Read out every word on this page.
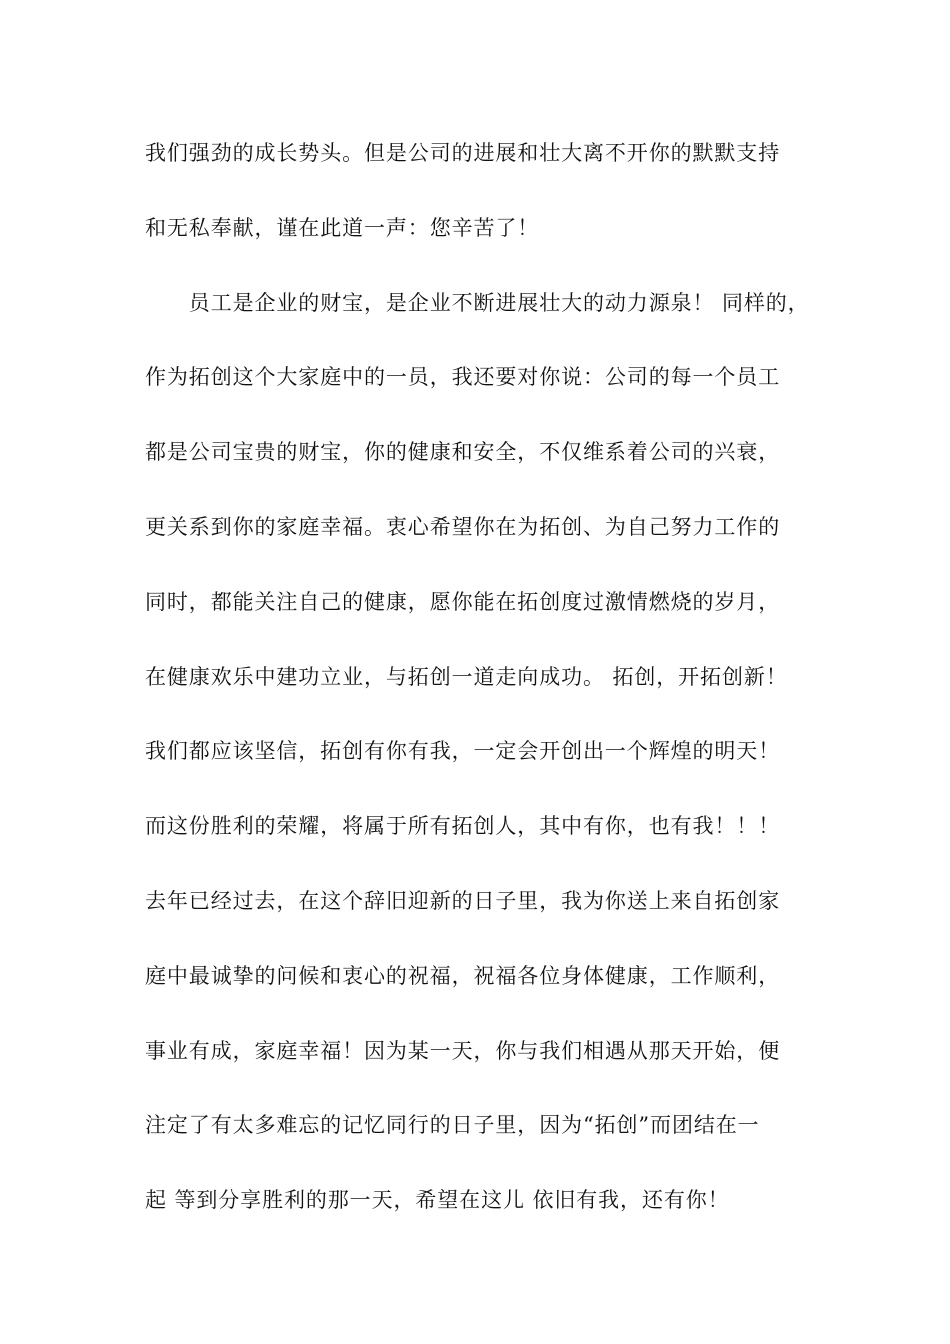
我们强劲的成长势头。但是公司的进展和壮大离不开你的默默支持
和无私奉献，谨在此道一声：您辛苦了！
　　员工是企业的财宝，是企业不断进展壮大的动力源泉！ 同样的，
作为拓创这个大家庭中的一员，我还要对你说：公司的每一个员工
都是公司宝贵的财宝，你的健康和安全，不仅维系着公司的兴衰，
更关系到你的家庭幸福。衷心希望你在为拓创、为自己努力工作的
同时，都能关注自己的健康，愿你能在拓创度过激情燃烧的岁月，
在健康欢乐中建功立业，与拓创一道走向成功。 拓创，开拓创新！
我们都应该坚信，拓创有你有我，一定会开创出一个辉煌的明天！
而这份胜利的荣耀，将属于所有拓创人，其中有你，也有我！！！
去年已经过去，在这个辞旧迎新的日子里，我为你送上来自拓创家
庭中最诚挚的问候和衷心的祝福，祝福各位身体健康，工作顺利，
事业有成，家庭幸福！因为某一天，你与我们相遇从那天开始，便
注定了有太多难忘的记忆同行的日子里，因为“拓创”而团结在一
起 等到分享胜利的那一天，希望在这儿 依旧有我，还有你！
